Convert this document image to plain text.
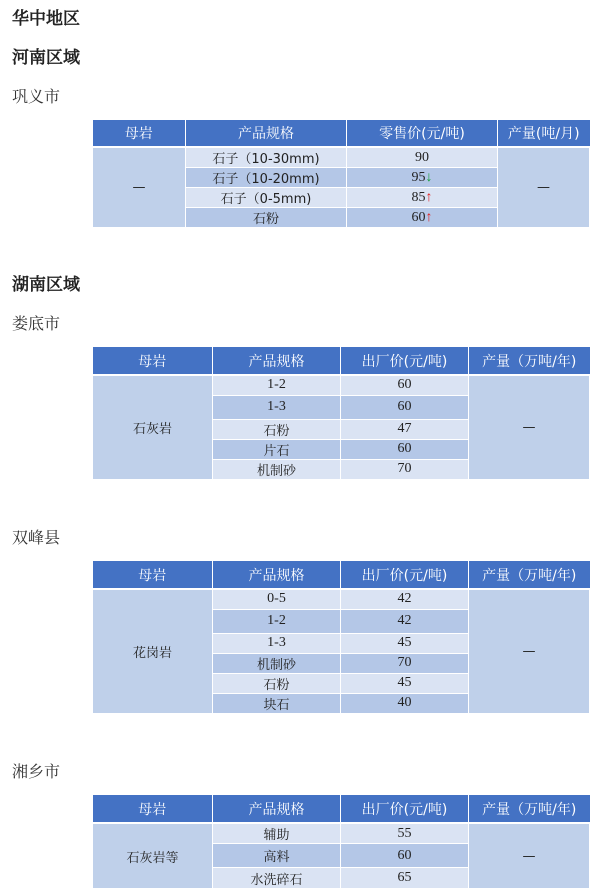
华中地区
河南区域
巩义市
母岩	产品规格	零售价(元/吨)	产量(吨/月)
—	石子（10-30mm)	90	—
	石子（10-20mm)	95↓	
	石子（0-5mm)	85↑	
	石粉	60↑	
湖南区域
娄底市
母岩	产品规格	出厂价(元/吨)	产量（万吨/年)
石灰岩	1-2	60	—
	1-3	60	
	石粉	47	
	片石	60	
	机制砂	70	
双峰县
母岩	产品规格	出厂价(元/吨)	产量（万吨/年)
花岗岩	0-5	42	—
	1-2	42	
	1-3	45	
	机制砂	70	
	石粉	45	
	块石	40	
湘乡市
母岩	产品规格	出厂价(元/吨)	产量（万吨/年)
石灰岩等	辅助	55	—
	高料	60	
	水洗碎石	65	
